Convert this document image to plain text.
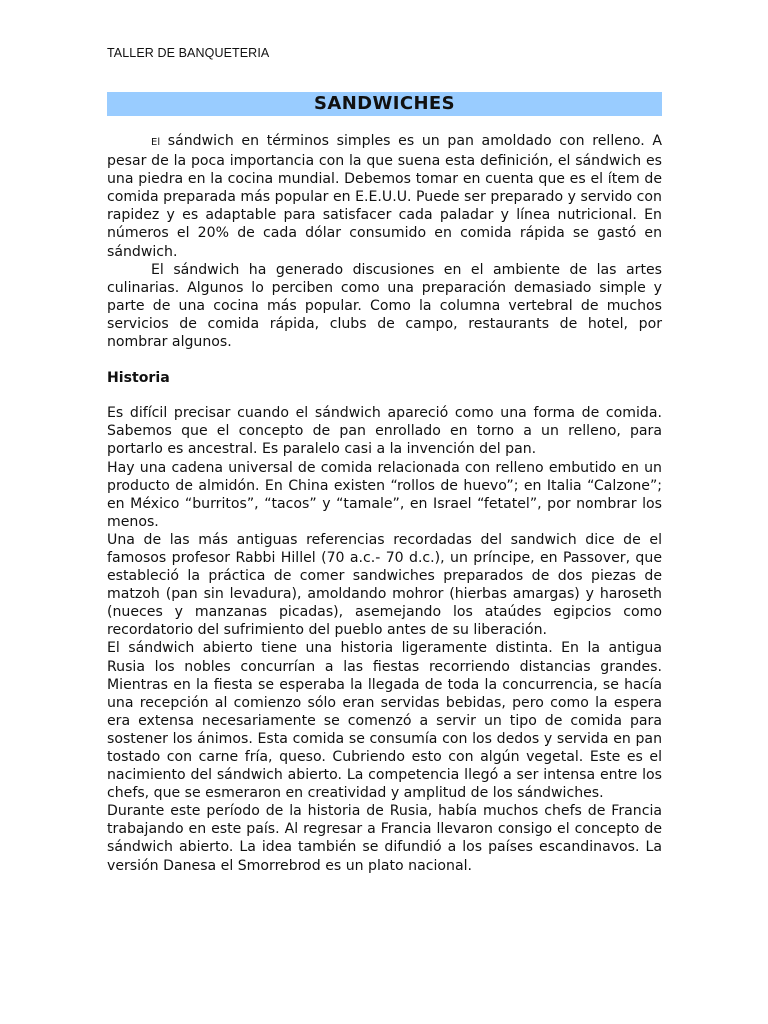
TALLER DE BANQUETERIA
SANDWICHES

El sándwich en términos simples es un pan amoldado con relleno. A pesar de la poca importancia con la que suena esta definición, el sándwich es una piedra en la cocina mundial. Debemos tomar en cuenta que es el ítem de comida preparada más popular en E.E.U.U. Puede ser preparado y servido con rapidez y es adaptable para satisfacer cada paladar y línea nutricional. En números el 20% de cada dólar consumido en comida rápida se gastó en sándwich.

El sándwich ha generado discusiones en el ambiente de las artes culinarias. Algunos lo perciben como una preparación demasiado simple y parte de una cocina más popular. Como la columna vertebral de muchos servicios de comida rápida, clubs de campo, restaurants de hotel, por nombrar algunos.

Historia

Es difícil precisar cuando el sándwich apareció como una forma de comida. Sabemos que el concepto de pan enrollado en torno a un relleno, para portarlo es ancestral. Es paralelo casi a la invención del pan.

Hay una cadena universal de comida relacionada con relleno embutido en un producto de almidón. En China existen “rollos de huevo”; en Italia “Calzone”; en México “burritos”, “tacos” y “tamale”, en Israel “fetatel”, por nombrar los menos.

Una de las más antiguas referencias recordadas del sandwich dice de el famosos profesor Rabbi Hillel (70 a.c.- 70 d.c.), un príncipe, en Passover, que estableció la práctica de comer sandwiches preparados de dos piezas de matzoh (pan sin levadura), amoldando mohror (hierbas amargas) y haroseth (nueces y manzanas picadas), asemejando los ataúdes egipcios como recordatorio del sufrimiento del pueblo antes de su liberación.

El sándwich abierto tiene una historia ligeramente distinta. En la antigua Rusia los nobles concurrían a las fiestas recorriendo distancias grandes. Mientras en la fiesta se esperaba la llegada de toda la concurrencia, se hacía una recepción al comienzo sólo eran servidas bebidas, pero como la espera era extensa necesariamente se comenzó a servir un tipo de comida para sostener los ánimos. Esta comida se consumía con los dedos y servida en pan tostado con carne fría, queso. Cubriendo esto con algún vegetal. Este es el nacimiento del sándwich abierto. La competencia llegó a ser intensa entre los chefs, que se esmeraron en creatividad y amplitud de los sándwiches.

Durante este período de la historia de Rusia, había muchos chefs de Francia trabajando en este país. Al regresar a Francia llevaron consigo el concepto de sándwich abierto. La idea también se difundió a los países escandinavos. La versión Danesa el Smorrebrod es un plato nacional.
